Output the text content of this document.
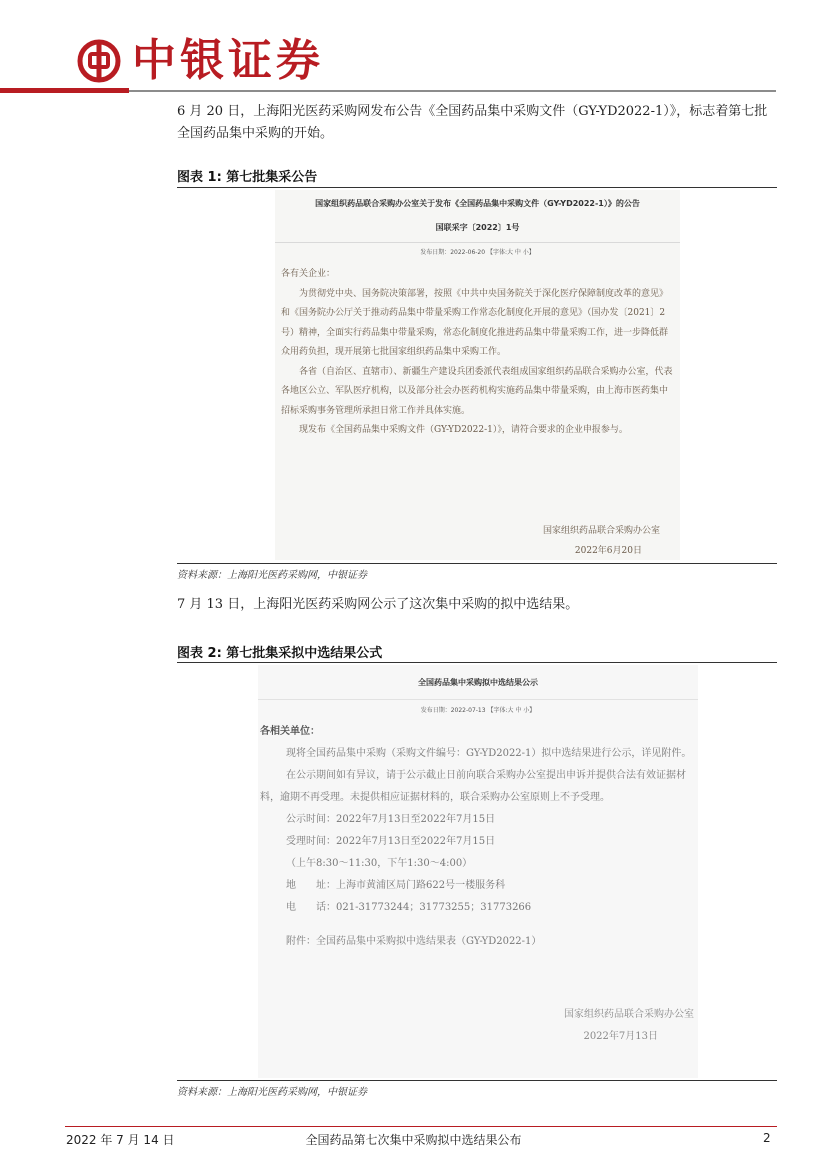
中银证券
6 月 20 日，上海阳光医药采购网发布公告《全国药品集中采购文件（GY-YD2022-1）》，标志着第七批全国药品集中采购的开始。
图表 1: 第七批集采公告
国家组织药品联合采购办公室关于发布《全国药品集中采购文件（GY-YD2022-1）》的公告
国联采字〔2022〕1号
发布日期：2022-06-20 【字体:大 中 小】

各有关企业：

为贯彻党中央、国务院决策部署，按照《中共中央国务院关于深化医疗保障制度改革的意见》和《国务院办公厅关于推动药品集中带量采购工作常态化制度化开展的意见》（国办发〔2021〕2号）精神，全面实行药品集中带量采购，常态化制度化推进药品集中带量采购工作，进一步降低群众用药负担，现开展第七批国家组织药品集中采购工作。

各省（自治区、直辖市）、新疆生产建设兵团委派代表组成国家组织药品联合采购办公室，代表各地区公立、军队医疗机构，以及部分社会办医药机构实施药品集中带量采购，由上海市医药集中招标采购事务管理所承担日常工作并具体实施。

现发布《全国药品集中采购文件（GY-YD2022-1）》，请符合要求的企业申报参与。

国家组织药品联合采购办公室
2022年6月20日
资料来源：上海阳光医药采购网，中银证券
7 月 13 日，上海阳光医药采购网公示了这次集中采购的拟中选结果。
图表 2: 第七批集采拟中选结果公式
全国药品集中采购拟中选结果公示
发布日期：2022-07-13 【字体:大 中 小】

各相关单位：

现将全国药品集中采购（采购文件编号：GY-YD2022-1）拟中选结果进行公示，详见附件。

在公示期间如有异议，请于公示截止日前向联合采购办公室提出申诉并提供合法有效证据材料，逾期不再受理。未提供相应证据材料的，联合采购办公室原则上不予受理。

公示时间：2022年7月13日至2022年7月15日

受理时间：2022年7月13日至2022年7月15日

（上午8:30～11:30，下午1:30～4:00）

地　　址：上海市黄浦区局门路622号一楼服务科

电　　话：021-31773244；31773255；31773266

附件：全国药品集中采购拟中选结果表（GY-YD2022-1）

国家组织药品联合采购办公室
2022年7月13日
资料来源：上海阳光医药采购网，中银证券
2022 年 7 月 14 日	全国药品第七次集中采购拟中选结果公布	2
